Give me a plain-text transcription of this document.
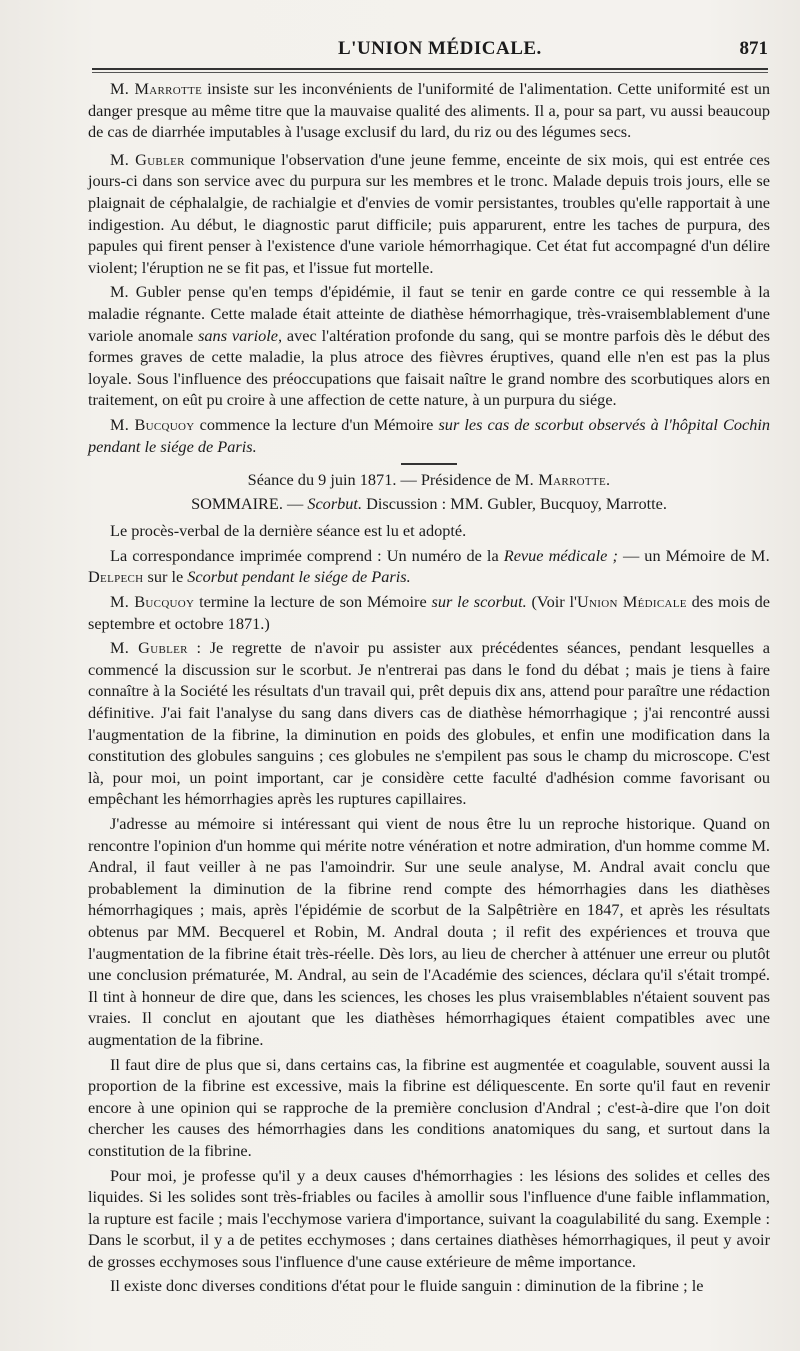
L'UNION MÉDICALE.	871

M. Marrotte insiste sur les inconvénients de l'uniformité de l'alimentation. Cette uniformité est un danger presque au même titre que la mauvaise qualité des aliments. Il a, pour sa part, vu aussi beaucoup de cas de diarrhée imputables à l'usage exclusif du lard, du riz ou des légumes secs.

M. Gubler communique l'observation d'une jeune femme, enceinte de six mois, qui est entrée ces jours-ci dans son service avec du purpura sur les membres et le tronc. Malade depuis trois jours, elle se plaignait de céphalalgie, de rachialgie et d'envies de vomir persistantes, troubles qu'elle rapportait à une indigestion. Au début, le diagnostic parut difficile; puis apparurent, entre les taches de purpura, des papules qui firent penser à l'existence d'une variole hémorrhagique. Cet état fut accompagné d'un délire violent; l'éruption ne se fit pas, et l'issue fut mortelle.

M. Gubler pense qu'en temps d'épidémie, il faut se tenir en garde contre ce qui ressemble à la maladie régnante. Cette malade était atteinte de diathèse hémorrhagique, très-vraisemblablement d'une variole anomale sans variole, avec l'altération profonde du sang, qui se montre parfois dès le début des formes graves de cette maladie, la plus atroce des fièvres éruptives, quand elle n'en est pas la plus loyale. Sous l'influence des préoccupations que faisait naître le grand nombre des scorbutiques alors en traitement, on eût pu croire à une affection de cette nature, à un purpura du siége.

M. Bucquoy commence la lecture d'un Mémoire sur les cas de scorbut observés à l'hôpital Cochin pendant le siége de Paris.

Séance du 9 juin 1871. — Présidence de M. Marrotte.

SOMMAIRE. — Scorbut. Discussion : MM. Gubler, Bucquoy, Marrotte.

Le procès-verbal de la dernière séance est lu et adopté.

La correspondance imprimée comprend : Un numéro de la Revue médicale ; — un Mémoire de M. Delpech sur le Scorbut pendant le siége de Paris.

M. Bucquoy termine la lecture de son Mémoire sur le scorbut. (Voir l'Union Médicale des mois de septembre et octobre 1871.)

M. Gubler : Je regrette de n'avoir pu assister aux précédentes séances, pendant lesquelles a commencé la discussion sur le scorbut. Je n'entrerai pas dans le fond du débat ; mais je tiens à faire connaître à la Société les résultats d'un travail qui, prêt depuis dix ans, attend pour paraître une rédaction définitive. J'ai fait l'analyse du sang dans divers cas de diathèse hémorrhagique ; j'ai rencontré aussi l'augmentation de la fibrine, la diminution en poids des globules, et enfin une modification dans la constitution des globules sanguins ; ces globules ne s'empilent pas sous le champ du microscope. C'est là, pour moi, un point important, car je considère cette faculté d'adhésion comme favorisant ou empêchant les hémorrhagies après les ruptures capillaires.

J'adresse au mémoire si intéressant qui vient de nous être lu un reproche historique. Quand on rencontre l'opinion d'un homme qui mérite notre vénération et notre admiration, d'un homme comme M. Andral, il faut veiller à ne pas l'amoindrir. Sur une seule analyse, M. Andral avait conclu que probablement la diminution de la fibrine rend compte des hémorrhagies dans les diathèses hémorrhagiques ; mais, après l'épidémie de scorbut de la Salpêtrière en 1847, et après les résultats obtenus par MM. Becquerel et Robin, M. Andral douta ; il refit des expériences et trouva que l'augmentation de la fibrine était très-réelle. Dès lors, au lieu de chercher à atténuer une erreur ou plutôt une conclusion prématurée, M. Andral, au sein de l'Académie des sciences, déclara qu'il s'était trompé. Il tint à honneur de dire que, dans les sciences, les choses les plus vraisemblables n'étaient souvent pas vraies. Il conclut en ajoutant que les diathèses hémorrhagiques étaient compatibles avec une augmentation de la fibrine.

Il faut dire de plus que si, dans certains cas, la fibrine est augmentée et coagulable, souvent aussi la proportion de la fibrine est excessive, mais la fibrine est déliquescente. En sorte qu'il faut en revenir encore à une opinion qui se rapproche de la première conclusion d'Andral ; c'est-à-dire que l'on doit chercher les causes des hémorrhagies dans les conditions anatomiques du sang, et surtout dans la constitution de la fibrine.

Pour moi, je professe qu'il y a deux causes d'hémorrhagies : les lésions des solides et celles des liquides. Si les solides sont très-friables ou faciles à amollir sous l'influence d'une faible inflammation, la rupture est facile ; mais l'ecchymose variera d'importance, suivant la coagulabilité du sang. Exemple : Dans le scorbut, il y a de petites ecchymoses ; dans certaines diathèses hémorrhagiques, il peut y avoir de grosses ecchymoses sous l'influence d'une cause extérieure de même importance.

Il existe donc diverses conditions d'état pour le fluide sanguin : diminution de la fibrine ; le
